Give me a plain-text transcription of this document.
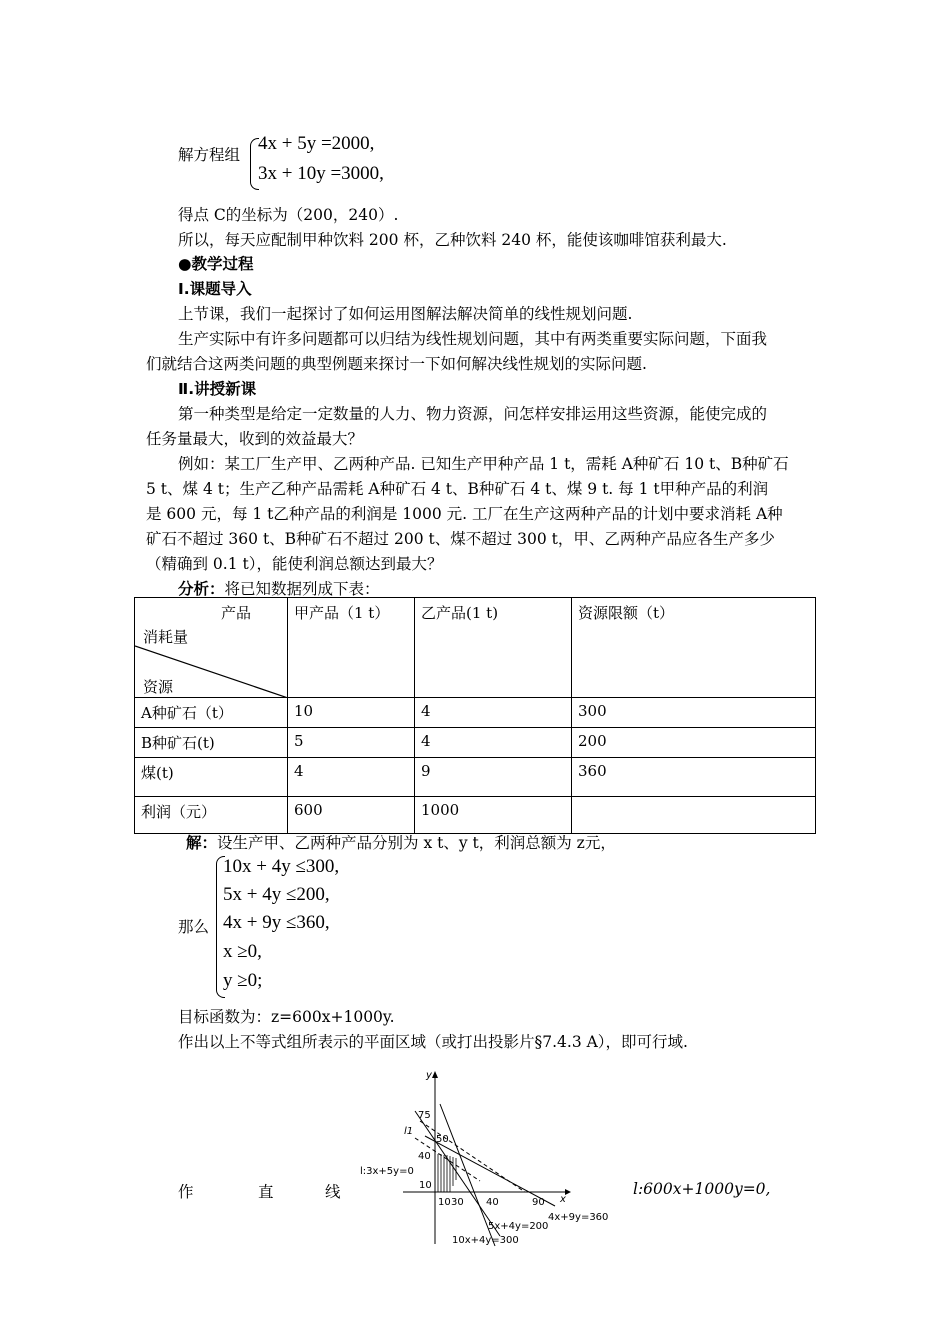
解方程组
4x + 5y =2000,
3x + 10y =3000,
得点 C的坐标为（200，240）.
所以，每天应配制甲种饮料 200 杯，乙种饮料 240 杯，能使该咖啡馆获利最大.
●教学过程
Ⅰ.课题导入
上节课，我们一起探讨了如何运用图解法解决简单的线性规划问题.
生产实际中有许多问题都可以归结为线性规划问题，其中有两类重要实际问题，下面我
们就结合这两类问题的典型例题来探讨一下如何解决线性规划的实际问题.
Ⅱ.讲授新课
第一种类型是给定一定数量的人力、物力资源，问怎样安排运用这些资源，能使完成的
任务量最大，收到的效益最大？
例如：某工厂生产甲、乙两种产品. 已知生产甲种产品 1 t，需耗 A种矿石 10 t、B种矿石
5 t、煤 4 t；生产乙种产品需耗 A种矿石 4 t、B种矿石 4 t、煤 9 t. 每 1 t甲种产品的利润
是 600 元，每 1 t乙种产品的利润是 1000 元. 工厂在生产这两种产品的计划中要求消耗 A种
矿石不超过 360 t、B种矿石不超过 200 t、煤不超过 300 t，甲、乙两种产品应各生产多少
（精确到 0.1 t），能使利润总额达到最大？
分析：将已知数据列成下表：
产品
消耗量
资源	甲产品（1 t）	乙产品(1 t)	资源限额（t）
A种矿石（t）	10	4	300
B种矿石(t)	5	4	200
煤(t)	4	9	360
利润（元）	600	1000	
解：设生产甲、乙两种产品分别为 x t、y t，利润总额为 z元，
那么
10x + 4y ≤300,
5x + 4y ≤200,
4x + 9y ≤360,
x ≥0,
y ≥0;
目标函数为：z=600x+1000y.
作出以上不等式组所表示的平面区域（或打出投影片§7.4.3 A），即可行域.
作	直	线	l:600x+1000y=0,
y
x
75
50
40
10
10 30 40	90
l1
l:3x+5y=0
5x+4y=200
4x+9y=360
10x+4y=300
